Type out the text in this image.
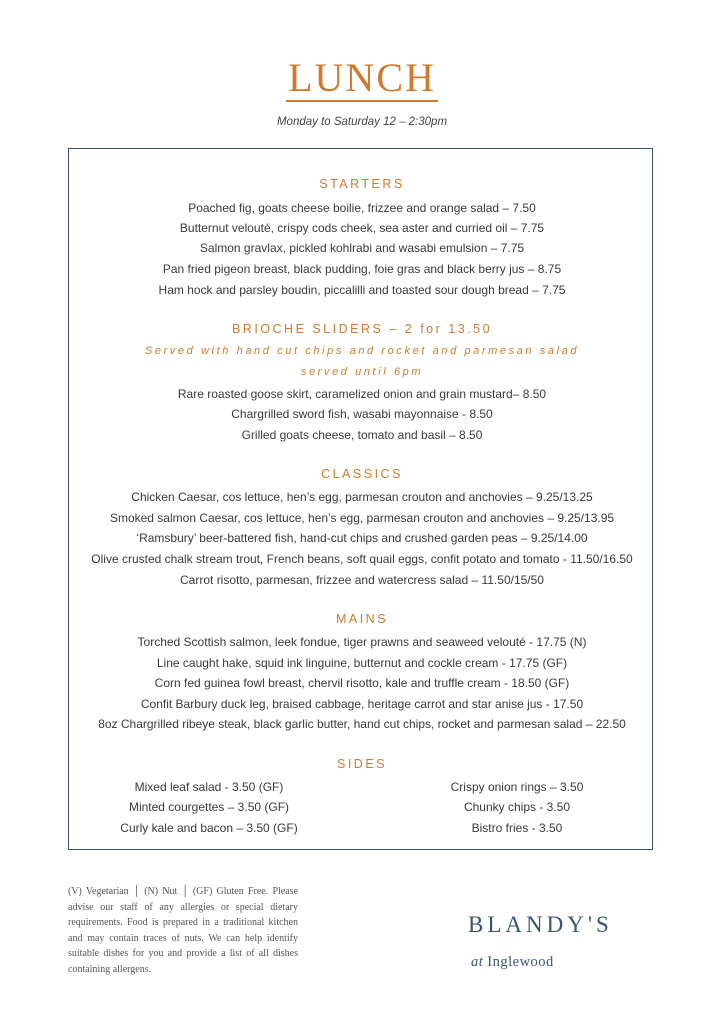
LUNCH
Monday to Saturday 12 – 2:30pm
STARTERS
Poached fig, goats cheese boilie, frizzee and orange salad – 7.50
Butternut velouté, crispy cods cheek, sea aster and curried oil – 7.75
Salmon gravlax, pickled kohlrabi and wasabi emulsion – 7.75
Pan fried pigeon breast, black pudding, foie gras and black berry jus – 8.75
Ham hock and parsley boudin, piccalilli and toasted sour dough bread – 7.75
BRIOCHE SLIDERS – 2 for 13.50
Served with hand cut chips and rocket and parmesan salad
served until 6pm
Rare roasted goose skirt, caramelized onion and grain mustard– 8.50
Chargrilled sword fish, wasabi mayonnaise - 8.50
Grilled goats cheese, tomato and basil – 8.50
CLASSICS
Chicken Caesar, cos lettuce, hen’s egg, parmesan crouton and anchovies – 9.25/13.25
Smoked salmon Caesar, cos lettuce, hen’s egg, parmesan crouton and anchovies – 9.25/13.95
‘Ramsbury’ beer-battered fish, hand-cut chips and crushed garden peas – 9.25/14.00
Olive crusted chalk stream trout, French beans, soft quail eggs, confit potato and tomato - 11.50/16.50
Carrot risotto, parmesan, frizzee and watercress salad – 11.50/15/50
MAINS
Torched Scottish salmon, leek fondue, tiger prawns and seaweed velouté - 17.75 (N)
Line caught hake, squid ink linguine, butternut and cockle cream - 17.75 (GF)
Corn fed guinea fowl breast, chervil risotto, kale and truffle cream - 18.50 (GF)
Confit Barbury duck leg, braised cabbage, heritage carrot and star anise jus - 17.50
8oz Chargrilled ribeye steak, black garlic butter, hand cut chips, rocket and parmesan salad – 22.50
SIDES
Mixed leaf salad - 3.50 (GF)
Minted courgettes – 3.50 (GF)
Curly kale and bacon – 3.50 (GF)
Crispy onion rings – 3.50
Chunky chips - 3.50
Bistro fries - 3.50
(V) Vegetarian │ (N) Nut │ (GF) Gluten Free. Please advise our staff of any allergies or special dietary requirements. Food is prepared in a traditional kitchen and may contain traces of nuts. We can help identify suitable dishes for you and provide a list of all dishes containing allergens.
BLANDY'S
at Inglewood
